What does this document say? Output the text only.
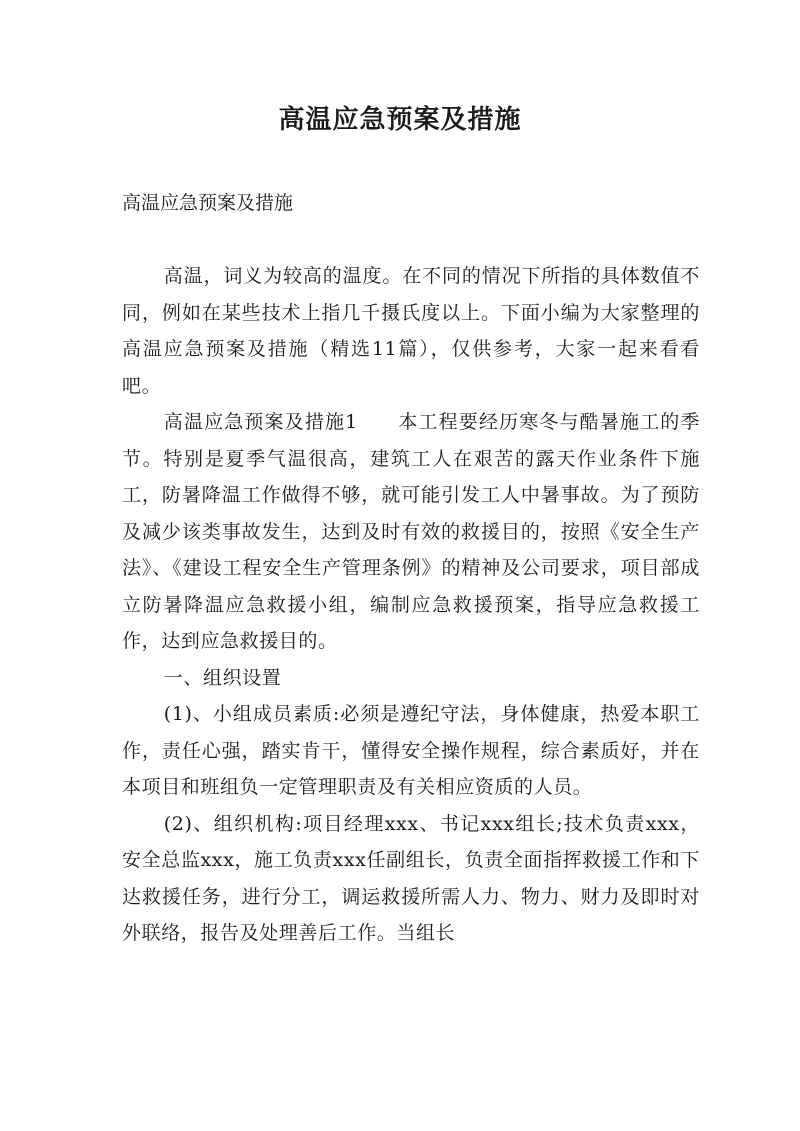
高温应急预案及措施

高温应急预案及措施

高温，词义为较高的温度。在不同的情况下所指的具体数值不同，例如在某些技术上指几千摄氏度以上。下面小编为大家整理的高温应急预案及措施（精选11篇），仅供参考，大家一起来看看吧。

高温应急预案及措施1 本工程要经历寒冬与酷暑施工的季节。特别是夏季气温很高，建筑工人在艰苦的露天作业条件下施工，防暑降温工作做得不够，就可能引发工人中暑事故。为了预防及减少该类事故发生，达到及时有效的救援目的，按照《安全生产法》、《建设工程安全生产管理条例》的精神及公司要求，项目部成立防暑降温应急救援小组，编制应急救援预案，指导应急救援工作，达到应急救援目的。

一、组织设置

(1)、小组成员素质:必须是遵纪守法，身体健康，热爱本职工作，责任心强，踏实肯干，懂得安全操作规程，综合素质好，并在本项目和班组负一定管理职责及有关相应资质的人员。

(2)、组织机构:项目经理xxx、书记xxx组长;技术负责xxx，安全总监xxx，施工负责xxx任副组长，负责全面指挥救援工作和下达救援任务，进行分工，调运救援所需人力、物力、财力及即时对外联络，报告及处理善后工作。当组长
